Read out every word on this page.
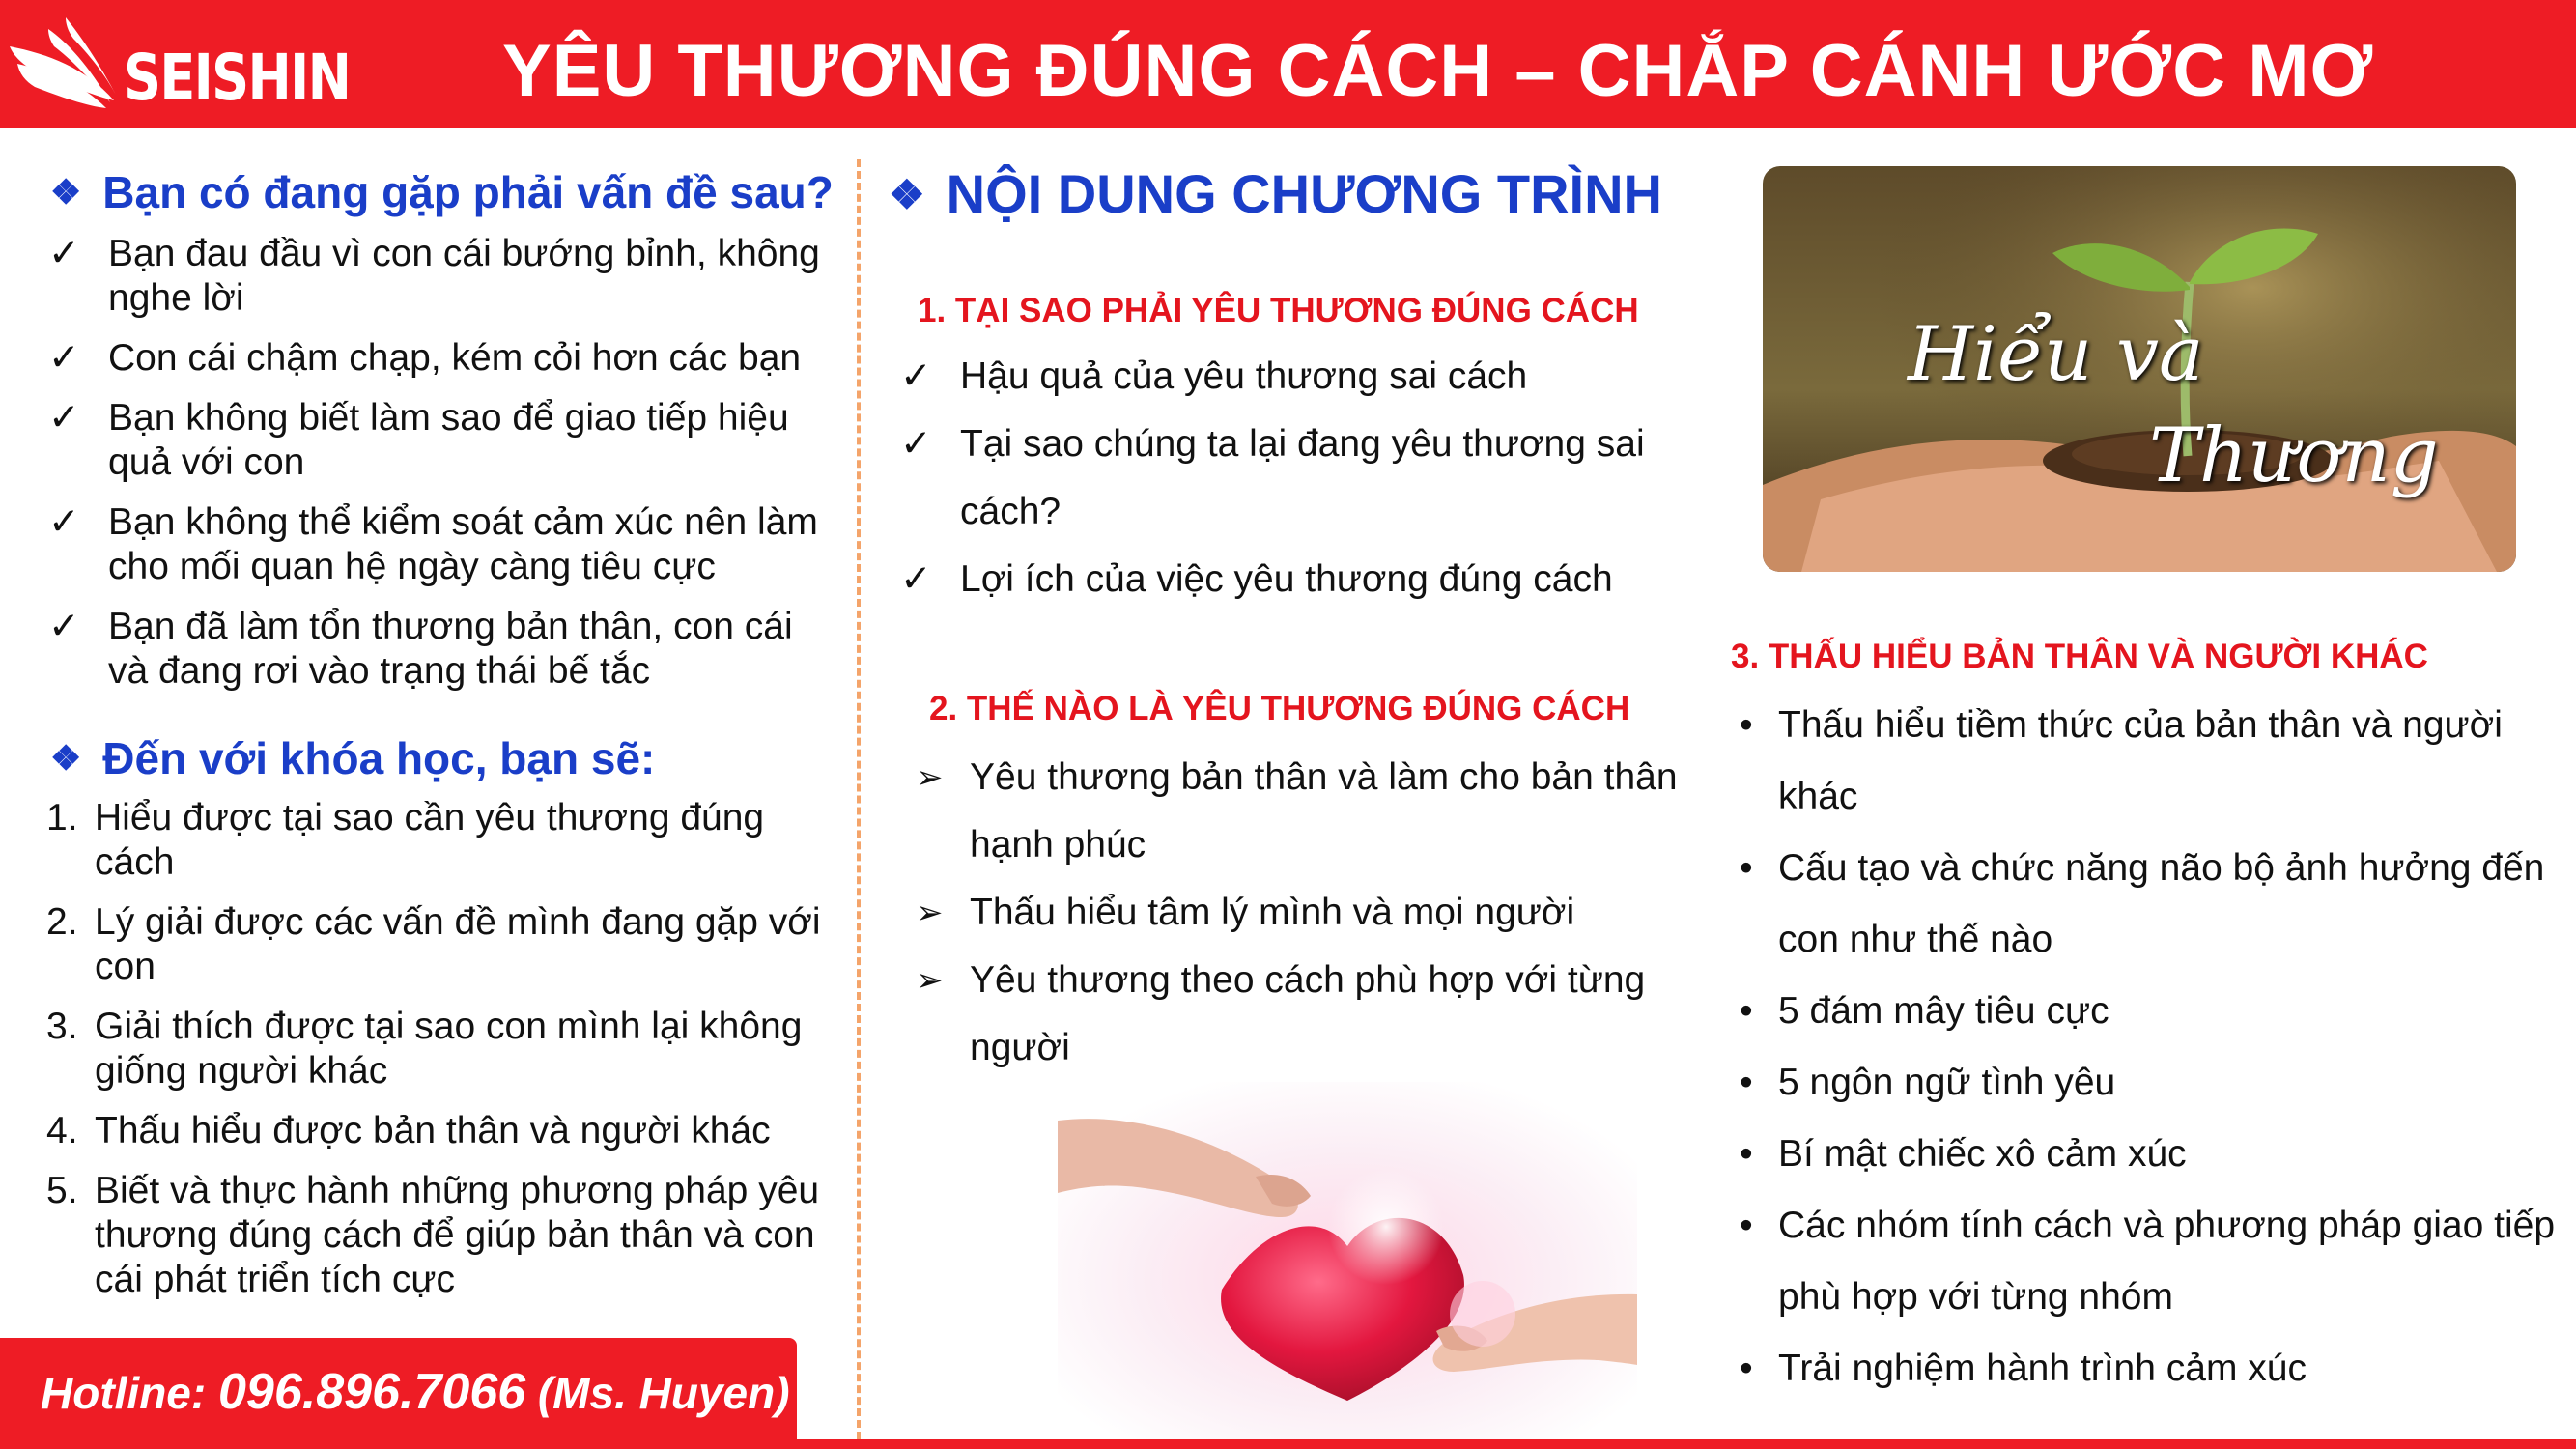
SEISHIN YÊU THƯƠNG ĐÚNG CÁCH – CHẮP CÁNH ƯỚC MƠ
❖ Bạn có đang gặp phải vấn đề sau?
✓ Bạn đau đầu vì con cái bướng bỉnh, không nghe lời
✓ Con cái chậm chạp, kém cỏi hơn các bạn
✓ Bạn không biết làm sao để giao tiếp hiệu quả với con
✓ Bạn không thể kiểm soát cảm xúc nên làm cho mối quan hệ ngày càng tiêu cực
✓ Bạn đã làm tổn thương bản thân, con cái và đang rơi vào trạng thái bế tắc
❖ Đến với khóa học, bạn sẽ:
1. Hiểu được tại sao cần yêu thương đúng cách
2. Lý giải được các vấn đề mình đang gặp với con
3. Giải thích được tại sao con mình lại không giống người khác
4. Thấu hiểu được bản thân và người khác
5. Biết và thực hành những phương pháp yêu thương đúng cách để giúp bản thân và con cái phát triển tích cực
Hotline: 096.896.7066 (Ms. Huyen)
❖ NỘI DUNG CHƯƠNG TRÌNH
1. TẠI SAO PHẢI YÊU THƯƠNG ĐÚNG CÁCH
✓ Hậu quả của yêu thương sai cách
✓ Tại sao chúng ta lại đang yêu thương sai cách?
✓ Lợi ích của việc yêu thương đúng cách
2. THẾ NÀO LÀ YÊU THƯƠNG ĐÚNG CÁCH
➢ Yêu thương bản thân và làm cho bản thân hạnh phúc
➢ Thấu hiểu tâm lý mình và mọi người
➢ Yêu thương theo cách phù hợp với từng người
Hiểu và
Thương
3. THẤU HIỂU BẢN THÂN VÀ NGƯỜI KHÁC
• Thấu hiểu tiềm thức của bản thân và người khác
• Cấu tạo và chức năng não bộ ảnh hưởng đến con như thế nào
• 5 đám mây tiêu cực
• 5 ngôn ngữ tình yêu
• Bí mật chiếc xô cảm xúc
• Các nhóm tính cách và phương pháp giao tiếp phù hợp với từng nhóm
• Trải nghiệm hành trình cảm xúc
